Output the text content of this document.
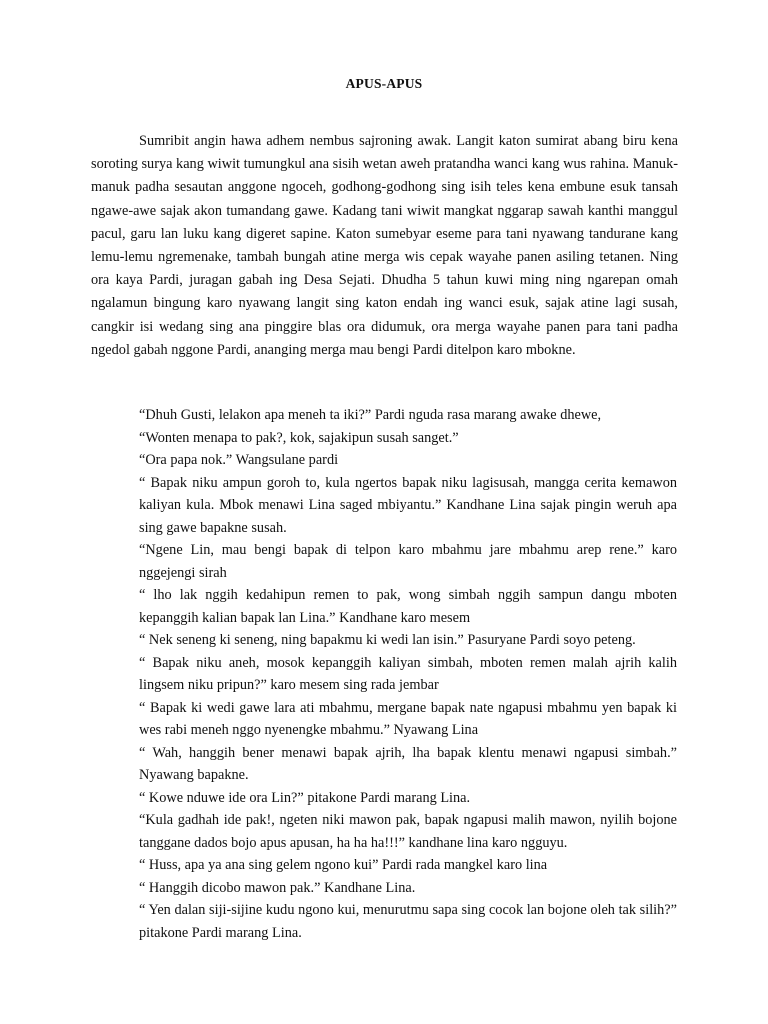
APUS-APUS

Sumribit angin hawa adhem nembus sajroning awak. Langit katon sumirat abang biru kena soroting surya kang wiwit tumungkul ana sisih wetan aweh pratandha wanci kang wus rahina. Manuk-manuk padha sesautan anggone ngoceh, godhong-godhong sing isih teles kena embune esuk tansah ngawe-awe sajak akon tumandang gawe. Kadang tani wiwit mangkat nggarap sawah kanthi manggul pacul, garu lan luku kang digeret sapine. Katon sumebyar eseme para tani nyawang tandurane kang lemu-lemu ngremenake, tambah bungah atine merga wis cepak wayahe panen asiling tetanen. Ning ora kaya Pardi, juragan gabah ing Desa Sejati. Dhudha 5 tahun kuwi ming ning ngarepan omah ngalamun bingung karo nyawang langit sing katon endah ing wanci esuk, sajak atine lagi susah, cangkir isi wedang sing ana pinggire blas ora didumuk, ora merga wayahe panen para tani padha ngedol gabah nggone Pardi, ananging merga mau bengi Pardi ditelpon karo mbokne.

“Dhuh Gusti, lelakon apa meneh ta iki?” Pardi nguda rasa marang awake dhewe,

“Wonten menapa to pak?, kok, sajakipun susah sanget.”

“Ora papa nok.” Wangsulane pardi

“ Bapak niku ampun goroh to, kula ngertos bapak niku lagisusah, mangga cerita kemawon kaliyan kula. Mbok menawi Lina saged mbiyantu.” Kandhane Lina sajak pingin weruh apa sing gawe bapakne susah.

“Ngene Lin, mau bengi bapak di telpon karo mbahmu jare mbahmu arep rene.” karo nggejengi sirah

“ lho lak nggih kedahipun remen to pak, wong simbah nggih sampun dangu mboten kepanggih kalian bapak lan Lina.” Kandhane karo mesem

“ Nek seneng ki seneng, ning bapakmu ki wedi lan isin.” Pasuryane Pardi soyo peteng.

“ Bapak niku aneh, mosok kepanggih kaliyan simbah, mboten remen malah ajrih kalih lingsem niku pripun?” karo mesem sing rada jembar

“ Bapak ki wedi gawe lara ati mbahmu, mergane bapak nate ngapusi mbahmu yen bapak ki wes rabi meneh nggo nyenengke mbahmu.” Nyawang Lina

“ Wah, hanggih bener menawi bapak ajrih, lha bapak klentu menawi ngapusi simbah.” Nyawang bapakne.

“ Kowe nduwe ide ora Lin?” pitakone Pardi marang Lina.

“Kula gadhah ide pak!, ngeten niki mawon pak, bapak ngapusi malih mawon, nyilih bojone tanggane dados bojo apus apusan, ha ha ha!!!” kandhane lina karo ngguyu.

“ Huss, apa ya ana sing gelem ngono kui” Pardi rada mangkel karo lina

“ Hanggih dicobo mawon pak.” Kandhane Lina.

“ Yen dalan siji-sijine kudu ngono kui, menurutmu sapa sing cocok lan bojone oleh tak silih?” pitakone Pardi marang Lina.
